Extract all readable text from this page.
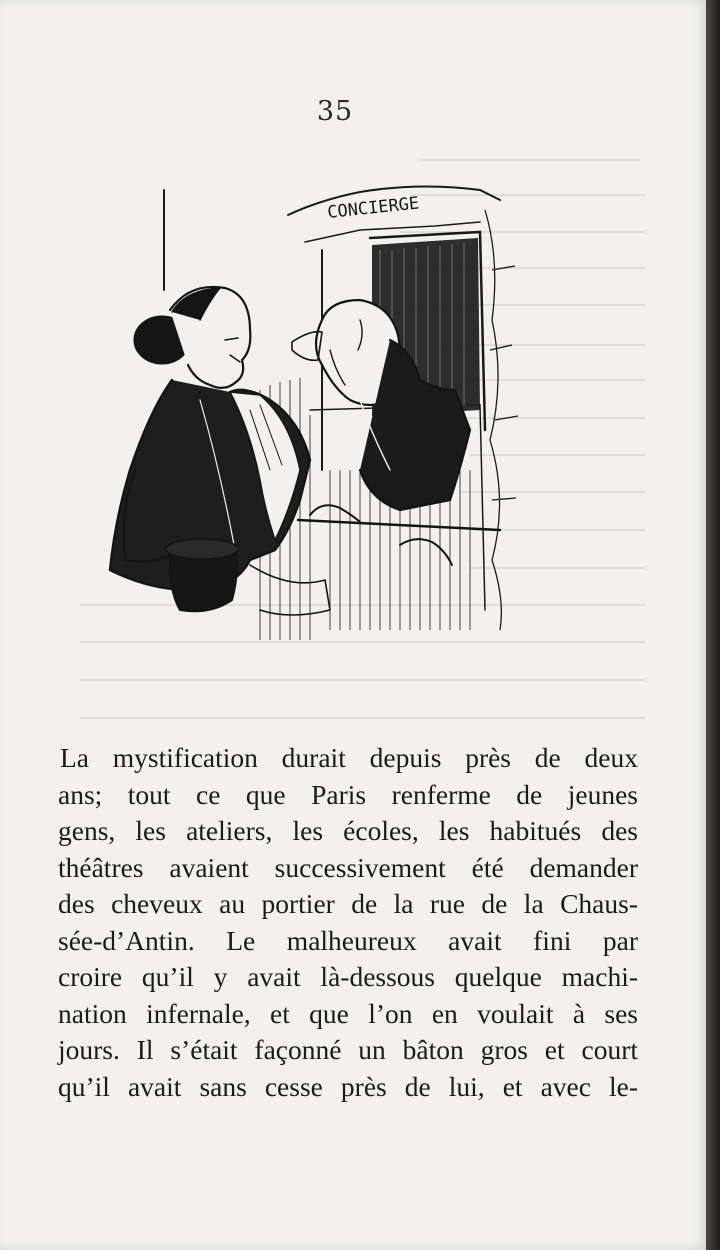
35
CONCIERGE
La mystification durait depuis près de deux
ans; tout ce que Paris renferme de jeunes
gens, les ateliers, les écoles, les habitués des
théâtres avaient successivement été demander
des cheveux au portier de la rue de la Chaus-
sée-d’Antin. Le malheureux avait fini par
croire qu’il y avait là-dessous quelque machi-
nation infernale, et que l’on en voulait à ses
jours. Il s’était façonné un bâton gros et court
qu’il avait sans cesse près de lui, et avec le-
